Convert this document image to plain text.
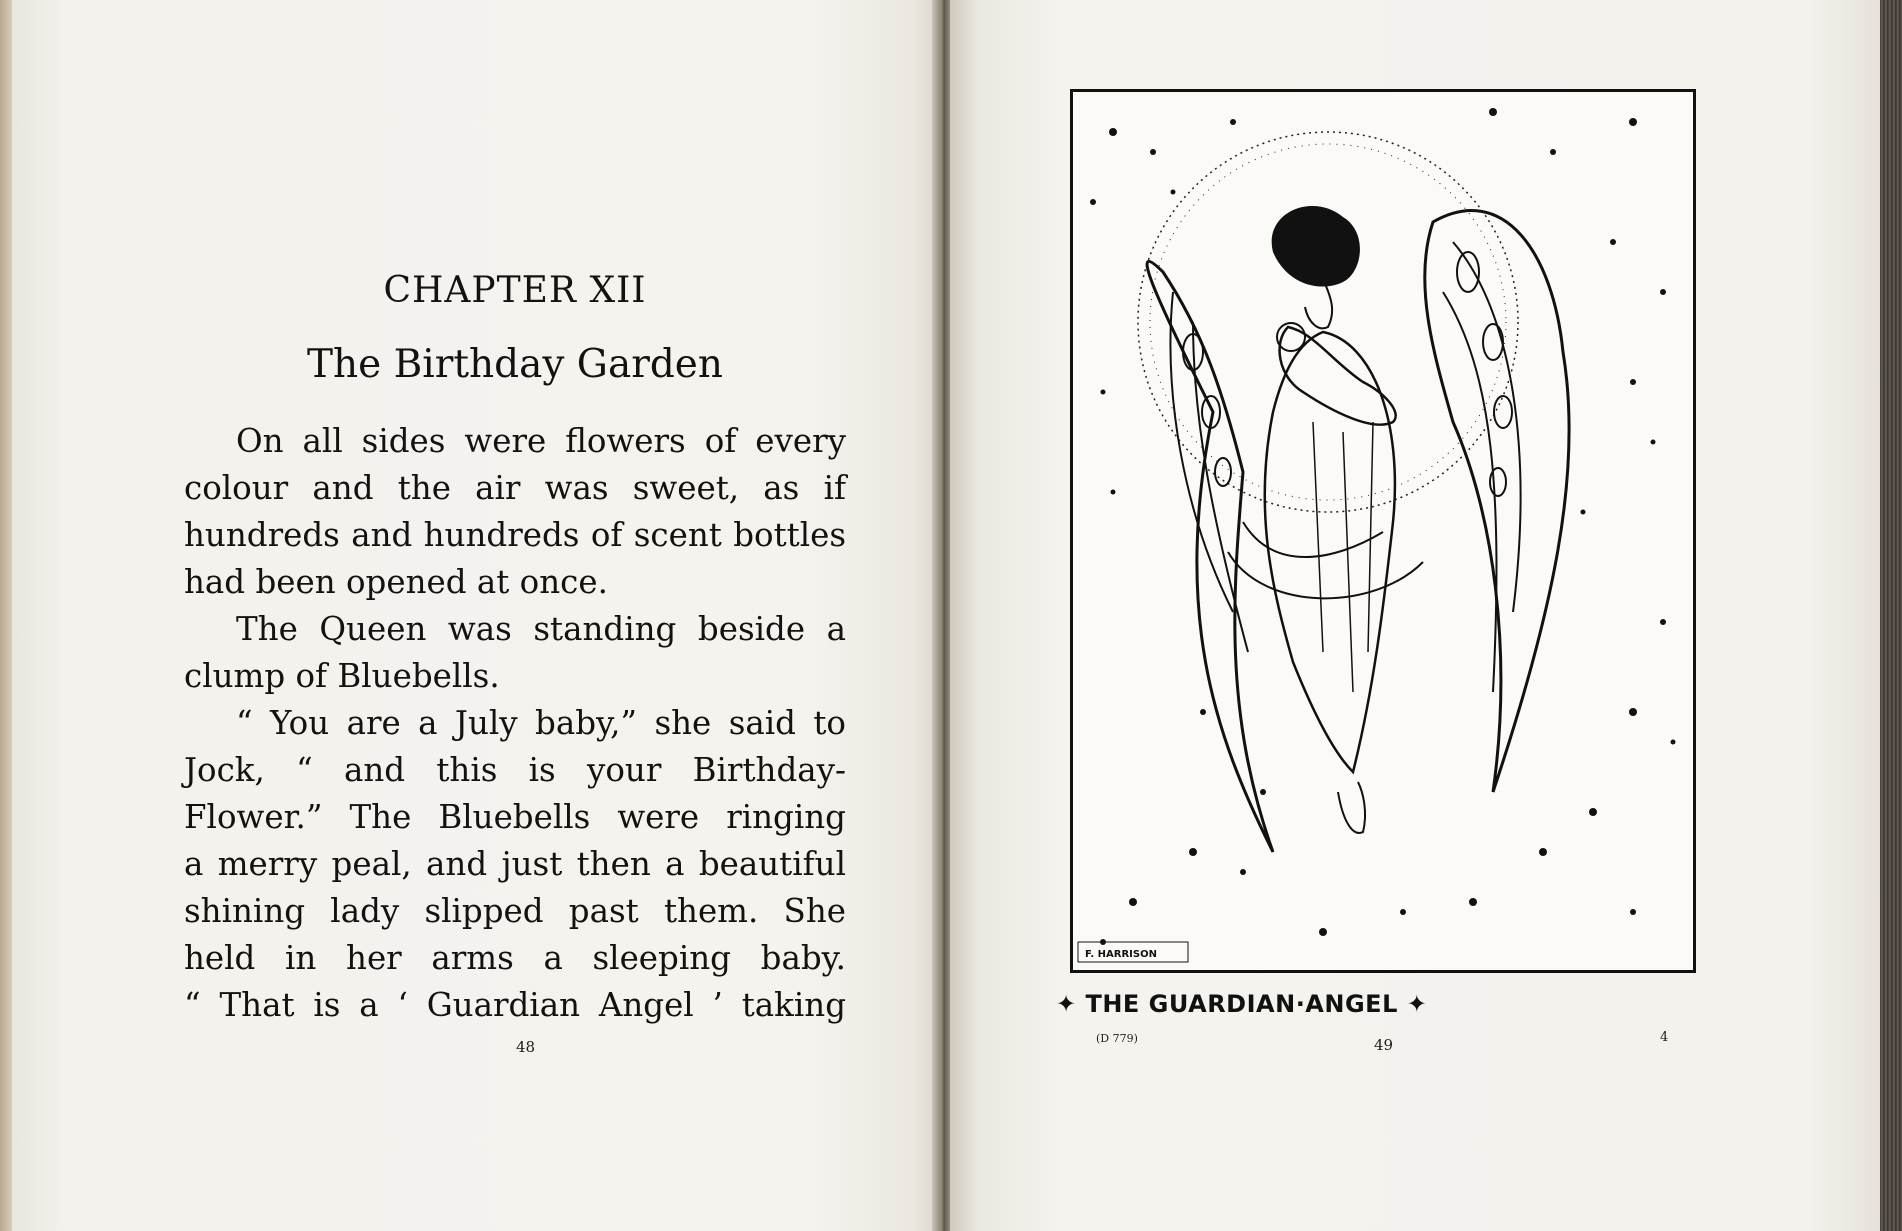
CHAPTER XII
The Birthday Garden
On all sides were flowers of every
colour and the air was sweet, as if
hundreds and hundreds of scent bottles
had been opened at once.
The Queen was standing beside a
clump of Bluebells.
“ You are a July baby,” she said to
Jock, “ and this is your Birthday-
Flower.” The Bluebells were ringing
a merry peal, and just then a beautiful
shining lady slipped past them. She
held in her arms a sleeping baby.
“ That is a ‘ Guardian Angel ’ taking
48
F. HARRISON
✦ THE GUARDIAN·ANGEL ✦
(D 779)	49	4
